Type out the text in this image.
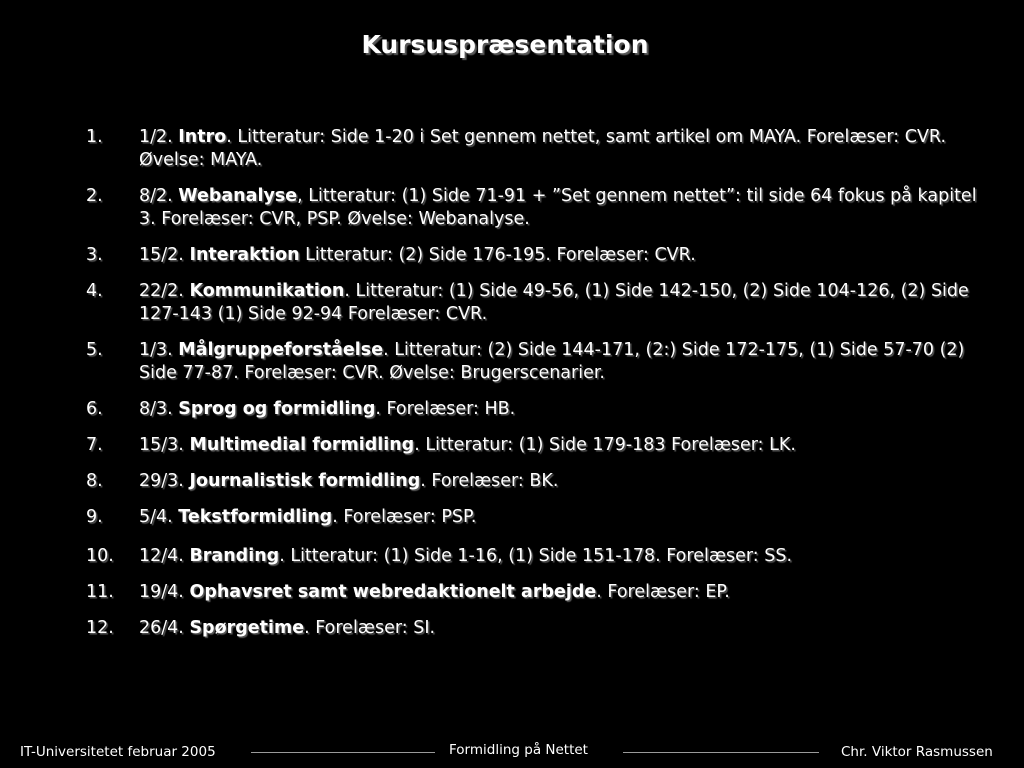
Kursuspræsentation
1.	1/2. Intro. Litteratur: Side 1-20 i Set gennem nettet, samt artikel om MAYA. Forelæser: CVR. Øvelse: MAYA.
2.	8/2. Webanalyse, Litteratur: (1) Side 71-91 + ”Set gennem nettet”: til side 64 fokus på kapitel 3. Forelæser: CVR, PSP. Øvelse: Webanalyse.
3.	15/2. Interaktion Litteratur: (2) Side 176-195. Forelæser: CVR.
4.	22/2. Kommunikation. Litteratur: (1) Side 49-56, (1) Side 142-150, (2) Side 104-126, (2) Side 127-143 (1) Side 92-94 Forelæser: CVR.
5.	1/3. Målgruppeforståelse. Litteratur: (2) Side 144-171, (2:) Side 172-175, (1) Side 57-70 (2) Side 77-87. Forelæser: CVR. Øvelse: Brugerscenarier.
6.	8/3. Sprog og formidling. Forelæser: HB.
7.	15/3. Multimedial formidling. Litteratur: (1) Side 179-183 Forelæser: LK.
8.	29/3. Journalistisk formidling. Forelæser: BK.
9.	5/4. Tekstformidling. Forelæser: PSP.
10.	12/4. Branding. Litteratur: (1) Side 1-16, (1) Side 151-178. Forelæser: SS.
11.	19/4. Ophavsret samt webredaktionelt arbejde. Forelæser: EP.
12.	26/4. Spørgetime. Forelæser: SI.
IT-Universitetet februar 2005	Formidling på Nettet	Chr. Viktor Rasmussen
